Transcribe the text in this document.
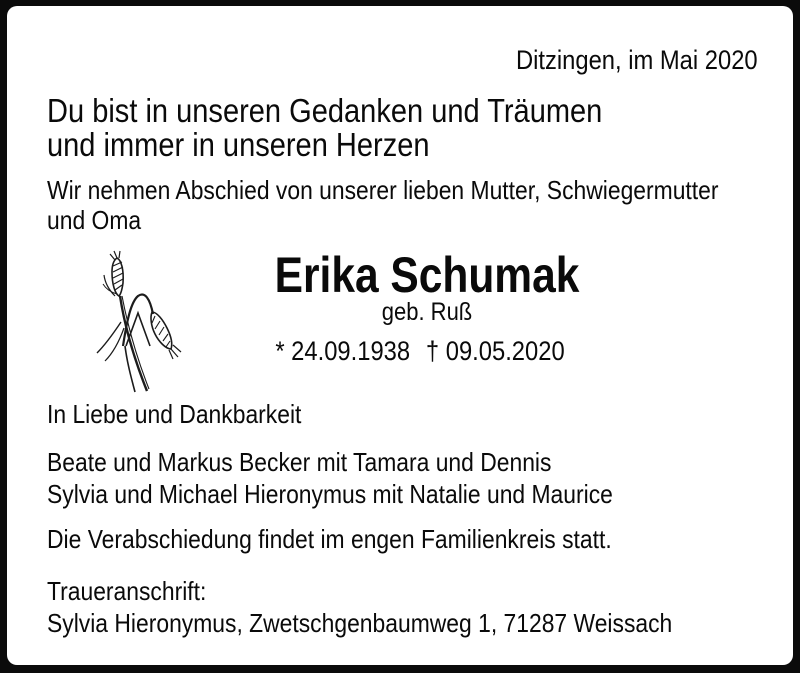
Ditzingen, im Mai 2020
Du bist in unseren Gedanken und Träumen
und immer in unseren Herzen
Wir nehmen Abschied von unserer lieben Mutter, Schwiegermutter
und Oma
Erika Schumak
geb. Ruß
* 24.09.1938 † 09.05.2020
In Liebe und Dankbarkeit
Beate und Markus Becker mit Tamara und Dennis
Sylvia und Michael Hieronymus mit Natalie und Maurice
Die Verabschiedung findet im engen Familienkreis statt.
Traueranschrift:
Sylvia Hieronymus, Zwetschgenbaumweg 1, 71287 Weissach
